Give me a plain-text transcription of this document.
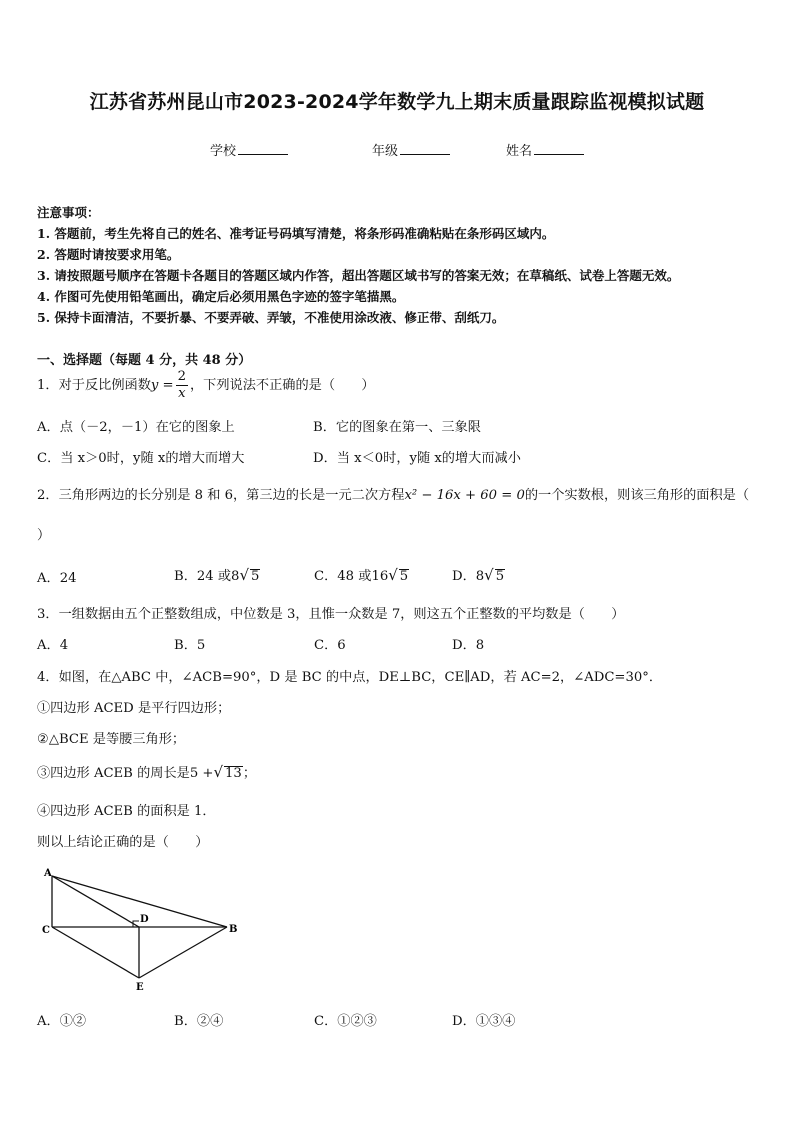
江苏省苏州昆山市2023-2024学年数学九上期末质量跟踪监视模拟试题
学校	年级	姓名
注意事项：
1. 答题前，考生先将自己的姓名、准考证号码填写清楚，将条形码准确粘贴在条形码区域内。
2. 答题时请按要求用笔。
3. 请按照题号顺序在答题卡各题目的答题区域内作答，超出答题区域书写的答案无效；在草稿纸、试卷上答题无效。
4. 作图可先使用铅笔画出，确定后必须用黑色字迹的签字笔描黑。
5. 保持卡面清洁，不要折暴、不要弄破、弄皱，不准使用涂改液、修正带、刮纸刀。
一、选择题（每题 4 分，共 48 分）
1．对于反比例函数$y = \frac{2}{x}$ ，下列说法不正确的是（　　）
A．点（－2，－1）在它的图象上	B．它的图象在第一、三象限
C．当 x＞0时，y随 x的增大而增大	D．当 x＜0时，y随 x的增大而减小
2．三角形两边的长分别是 8 和 6，第三边的长是一元二次方程x² − 16x + 60 = 0的一个实数根，则该三角形的面积是（
）
A．24	B．24 或8√ 5	C．48 或16√ 5	D．8√ 5
3．一组数据由五个正整数组成，中位数是 3，且惟一众数是 7，则这五个正整数的平均数是（　　）
A．4	B．5	C．6	D．8
4．如图，在△ABC 中，∠ACB=90°，D 是 BC 的中点，DE⊥BC，CE∥AD，若 AC=2，∠ADC=30°．
①四边形 ACED 是平行四边形；
②△BCE 是等腰三角形；
③四边形 ACEB 的周长是5 +√ 13；
④四边形 ACEB 的面积是 1．
则以上结论正确的是（　　）
A
C
D
B
E
A．①②	B．②④	C．①②③	D．①③④
